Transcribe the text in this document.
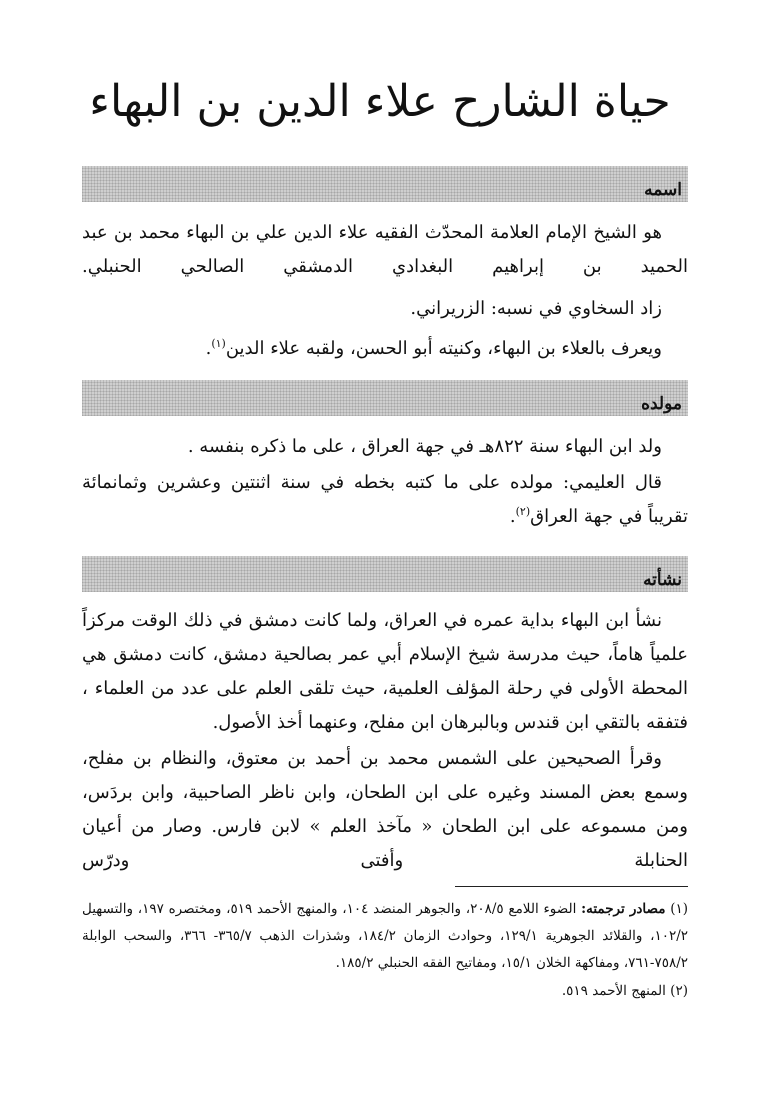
حياة الشارح علاء الدين بن البهاء
اسمه

هو الشيخ الإمام العلامة المحدّث الفقيه علاء الدين علي بن البهاء محمد بن عبد الحميد بن إبراهيم البغدادي الدمشقي الصالحي الحنبلي.

زاد السخاوي في نسبه: الزريراني.

ويعرف بالعلاء بن البهاء، وكنيته أبو الحسن، ولقبه علاء الدين$^{(١)}$.

مولده

ولد ابن البهاء سنة ٨٢٢هـ في جهة العراق ، على ما ذكره بنفسه .

قال العليمي: مولده على ما كتبه بخطه في سنة اثنتين وعشرين وثمانمائة تقريباً في جهة العراق$^{(٢)}$.

نشأته

نشأ ابن البهاء بداية عمره في العراق، ولما كانت دمشق في ذلك الوقت مركزاً علمياً هاماً، حيث مدرسة شيخ الإسلام أبي عمر بصالحية دمشق، كانت دمشق هي المحطة الأولى في رحلة المؤلف العلمية، حيث تلقى العلم على عدد من العلماء ، فتفقه بالتقي ابن قندس وبالبرهان ابن مفلح، وعنهما أخذ الأصول.

وقرأ الصحيحين على الشمس محمد بن أحمد بن معتوق، والنظام بن مفلح، وسمع بعض المسند وغيره على ابن الطحان، وابن ناظر الصاحبية، وابن بردَس، ومن مسموعه على ابن الطحان « مآخذ العلم » لابن فارس. وصار من أعيان الحنابلة وأفتى ودرّس

(١) مصادر ترجمته: الضوء اللامع ٢٠٨/٥، والجوهر المنضد ١٠٤، والمنهج الأحمد ٥١٩، ومختصره ١٩٧، والتسهيل ١٠٢/٢، والقلائد الجوهرية ١٢٩/١، وحوادث الزمان ١٨٤/٢، وشذرات الذهب ٣٦٥/٧- ٣٦٦، والسحب الوابلة ٧٥٨/٢-٧٦١، ومفاكهة الخلان ١٥/١، ومفاتيح الفقه الحنبلي ١٨٥/٢.

(٢) المنهج الأحمد ٥١٩.
